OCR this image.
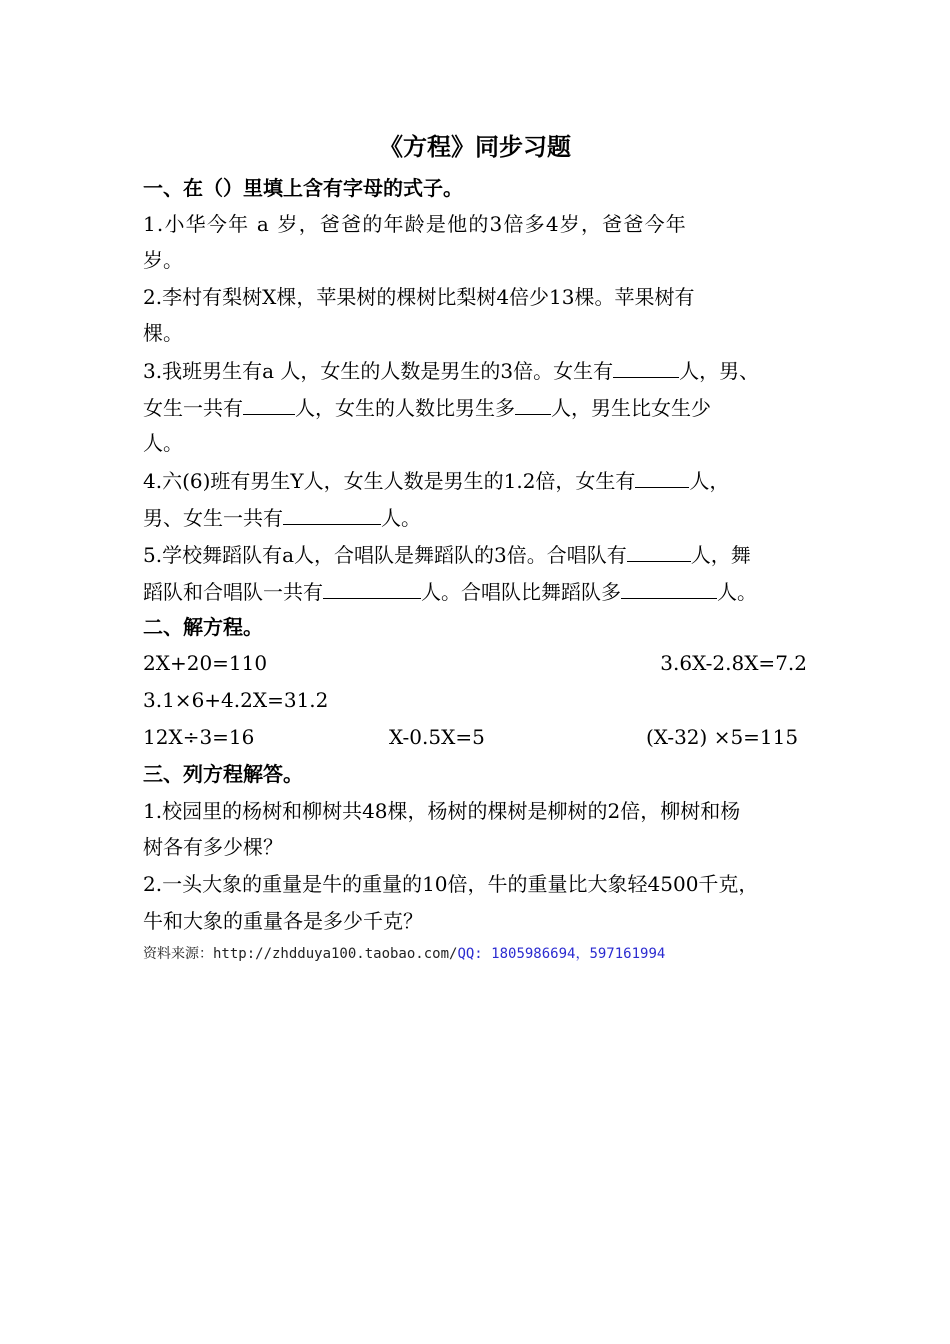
《方程》同步习题
一、在（）里填上含有字母的式子。
1.小华今年 a 岁，爸爸的年龄是他的3倍多4岁，爸爸今年
岁。
2.李村有梨树X棵，苹果树的棵树比梨树4倍少13棵。苹果树有
棵。
3.我班男生有a 人，女生的人数是男生的3倍。女生有	人，男、
女生一共有	人，女生的人数比男生多 人，男生比女生少
人。
4.六(6)班有男生Y人，女生人数是男生的1.2倍，女生有	人，
男、女生一共有	人。
5.学校舞蹈队有a人，合唱队是舞蹈队的3倍。合唱队有	人，舞
蹈队和合唱队一共有	人。合唱队比舞蹈队多	人。
二、解方程。
2X+20=110	3.6X-2.8X=7.2
3.1×6+4.2X=31.2
12X÷3=16	X-0.5X=5	(X-32) ×5=115
三、列方程解答。
1.校园里的杨树和柳树共48棵，杨树的棵树是柳树的2倍，柳树和杨
树各有多少棵？
2.一头大象的重量是牛的重量的10倍，牛的重量比大象轻4500千克，
牛和大象的重量各是多少千克？
资料来源：http://zhdduya100.taobao.com/QQ: 1805986694，597161994
